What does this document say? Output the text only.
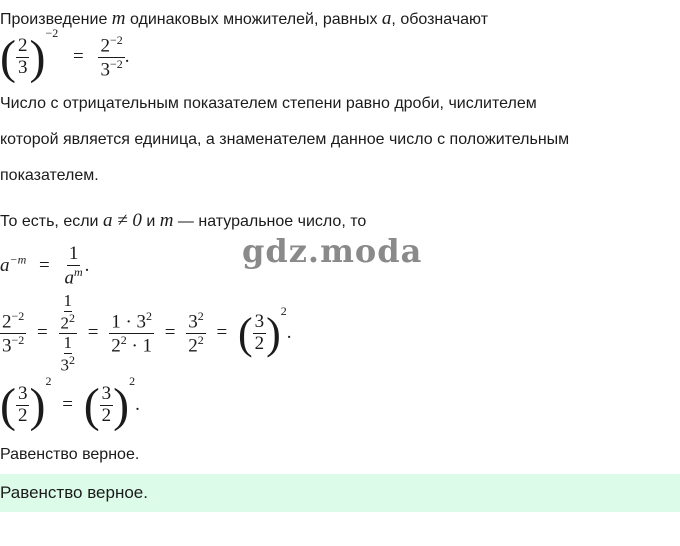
Произведение m одинаковых множителей, равных a, обозначают
( $\frac{2}{3} )^{-2} = \frac{2^{-2}}{3^{-2}}$ .
Число с отрицательным показателем степени равно дроби, числителем
которой является единица, а знаменателем данное число с положительным
показателем.
То есть, если a ≠ 0 и m — натуральное число, то
$a^{-m} = \frac{1}{a^m}$ .	gdz.moda
$\frac{2^{-2}}{3^{-2}} = 1$
$2^2$
1
$3^2 = \frac{1 \cdot 3^2}{2^2 \cdot 1} = \frac{3^2}{2^2}$ = ( $\frac{3}{2} )^2$.
( $\frac{3}{2} )^2$ = ( $\frac{3}{2} )^2$.
Равенство верное.
Равенство верное.
